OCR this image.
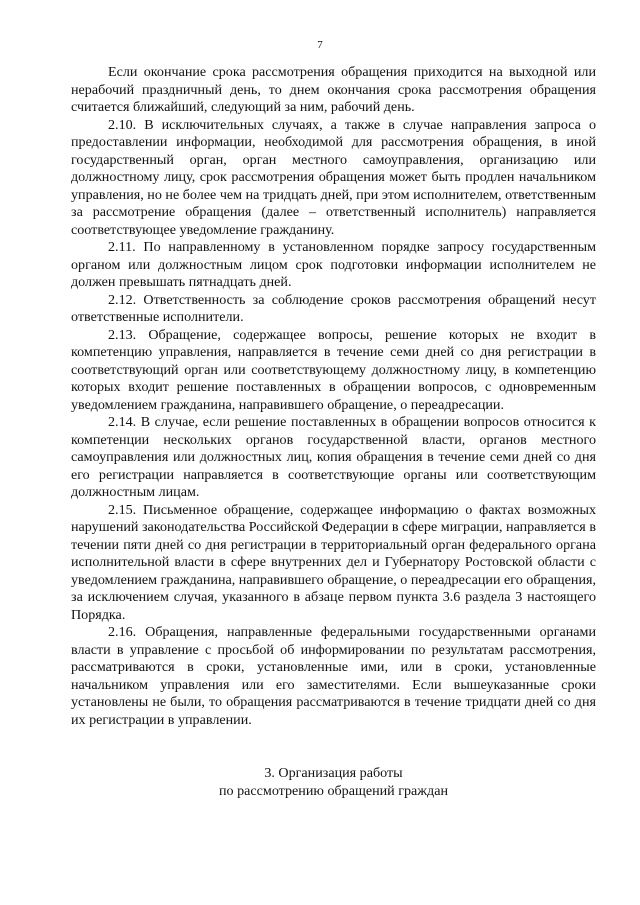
7

Если окончание срока рассмотрения обращения приходится на выходной или нерабочий праздничный день, то днем окончания срока рассмотрения обращения считается ближайший, следующий за ним, рабочий день.

2.10. В исключительных случаях, а также в случае направления запроса о предоставлении информации, необходимой для рассмотрения обращения, в иной государственный орган, орган местного самоуправления, организацию или должностному лицу, срок рассмотрения обращения может быть продлен начальником управления, но не более чем на тридцать дней, при этом исполнителем, ответственным за рассмотрение обращения (далее – ответственный исполнитель) направляется соответствующее уведомление гражданину.

2.11. По направленному в установленном порядке запросу государственным органом или должностным лицом срок подготовки информации исполнителем не должен превышать пятнадцать дней.

2.12. Ответственность за соблюдение сроков рассмотрения обращений несут ответственные исполнители.

2.13. Обращение, содержащее вопросы, решение которых не входит в компетенцию управления, направляется в течение семи дней со дня регистрации в соответствующий орган или соответствующему должностному лицу, в компетенцию которых входит решение поставленных в обращении вопросов, с одновременным уведомлением гражданина, направившего обращение, о переадресации.

2.14. В случае, если решение поставленных в обращении вопросов относится к компетенции нескольких органов государственной власти, органов местного самоуправления или должностных лиц, копия обращения в течение семи дней со дня его регистрации направляется в соответствующие органы или соответствующим должностным лицам.

2.15. Письменное обращение, содержащее информацию о фактах возможных нарушений законодательства Российской Федерации в сфере миграции, направляется в течении пяти дней со дня регистрации в территориальный орган федерального органа исполнительной власти в сфере внутренних дел и Губернатору Ростовской области с уведомлением гражданина, направившего обращение, о переадресации его обращения, за исключением случая, указанного в абзаце первом пункта 3.6 раздела 3 настоящего Порядка.

2.16. Обращения, направленные федеральными государственными органами власти в управление с просьбой об информировании по результатам рассмотрения, рассматриваются в сроки, установленные ими, или в сроки, установленные начальником управления или его заместителями. Если вышеуказанные сроки установлены не были, то обращения рассматриваются в течение тридцати дней со дня их регистрации в управлении.

3. Организация работы
по рассмотрению обращений граждан
